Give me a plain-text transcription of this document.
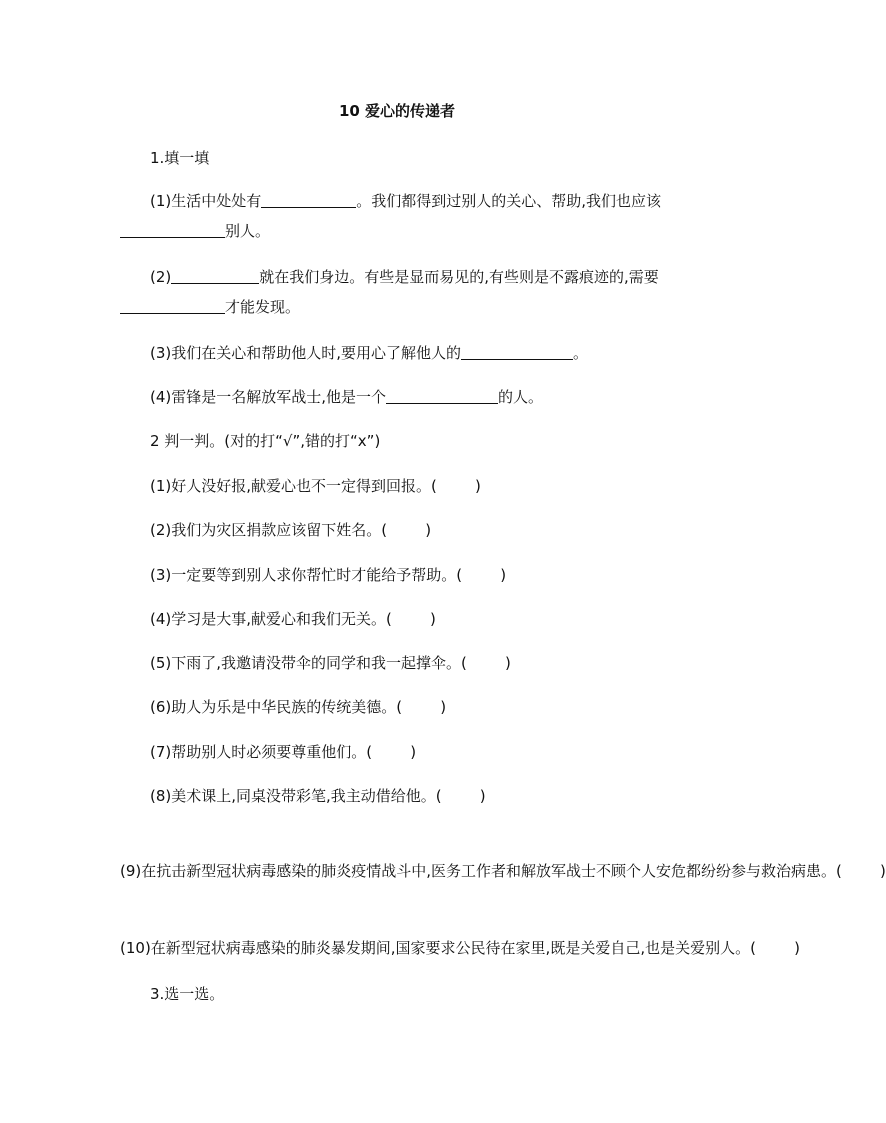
10 爱心的传递者
1.填一填
(1)生活中处处有	。我们都得到过别人的关心、帮助,我们也应该别人。
(2)	就在我们身边。有些是显而易见的,有些则是不露痕迹的,需要才能发现。
(3)我们在关心和帮助他人时,要用心了解他人的	。
(4)雷锋是一名解放军战士,他是一个	的人。
2 判一判。(对的打“√”,错的打“x”)
(1)好人没好报,献爱心也不一定得到回报。(        )
(2)我们为灾区捐款应该留下姓名。(        )
(3)一定要等到别人求你帮忙时才能给予帮助。(        )
(4)学习是大事,献爱心和我们无关。(        )
(5)下雨了,我邀请没带伞的同学和我一起撑伞。(        )
(6)助人为乐是中华民族的传统美德。(        )
(7)帮助别人时必须要尊重他们。(        )
(8)美术课上,同桌没带彩笔,我主动借给他。(        )
(9)在抗击新型冠状病毒感染的肺炎疫情战斗中,医务工作者和解放军战士不顾个人安危都纷纷参与救治病患。(        )
(10)在新型冠状病毒感染的肺炎暴发期间,国家要求公民待在家里,既是关爱自己,也是关爱别人。(        )
3.选一选。
